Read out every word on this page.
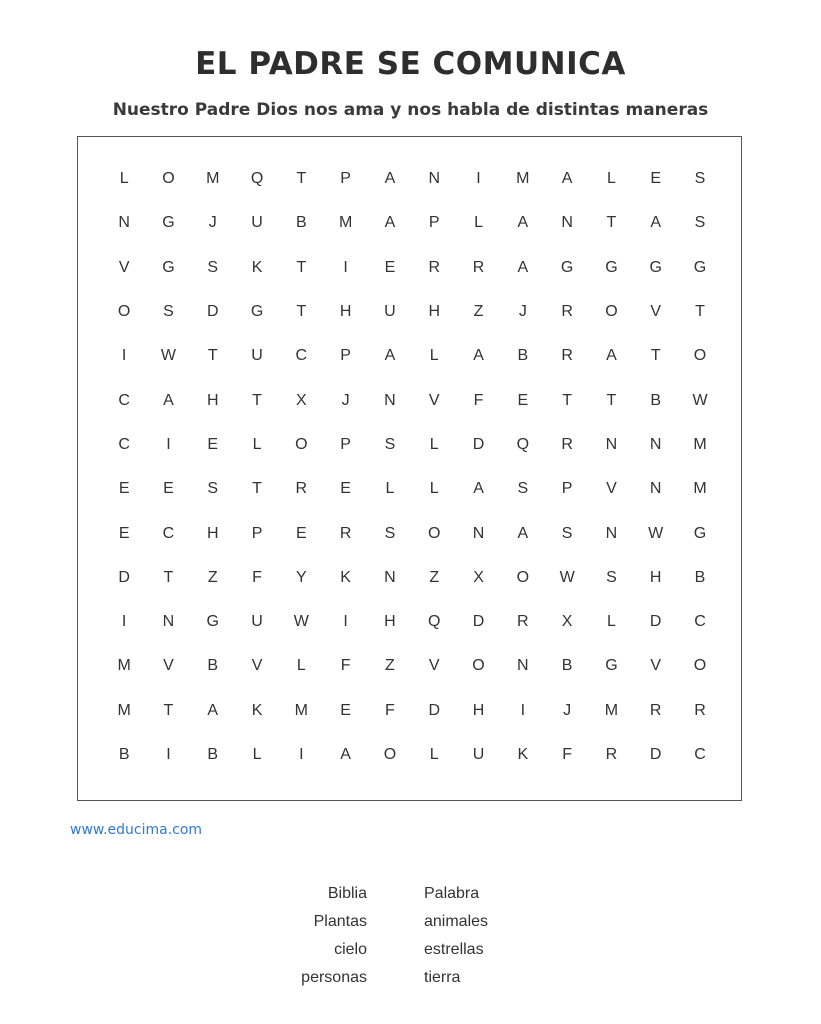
EL PADRE SE COMUNICA
Nuestro Padre Dios nos ama y nos habla de distintas maneras
L	O	M	Q	T	P	A	N	I	M	A	L	E	S
N	G	J	U	B	M	A	P	L	A	N	T	A	S
V	G	S	K	T	I	E	R	R	A	G	G	G	G
O	S	D	G	T	H	U	H	Z	J	R	O	V	T
I	W	T	U	C	P	A	L	A	B	R	A	T	O
C	A	H	T	X	J	N	V	F	E	T	T	B	W
C	I	E	L	O	P	S	L	D	Q	R	N	N	M
E	E	S	T	R	E	L	L	A	S	P	V	N	M
E	C	H	P	E	R	S	O	N	A	S	N	W	G
D	T	Z	F	Y	K	N	Z	X	O	W	S	H	B
I	N	G	U	W	I	H	Q	D	R	X	L	D	C
M	V	B	V	L	F	Z	V	O	N	B	G	V	O
M	T	A	K	M	E	F	D	H	I	J	M	R	R
B	I	B	L	I	A	O	L	U	K	F	R	D	C
www.educima.com
Biblia
Plantas
cielo
personas
Palabra
animales
estrellas
tierra
